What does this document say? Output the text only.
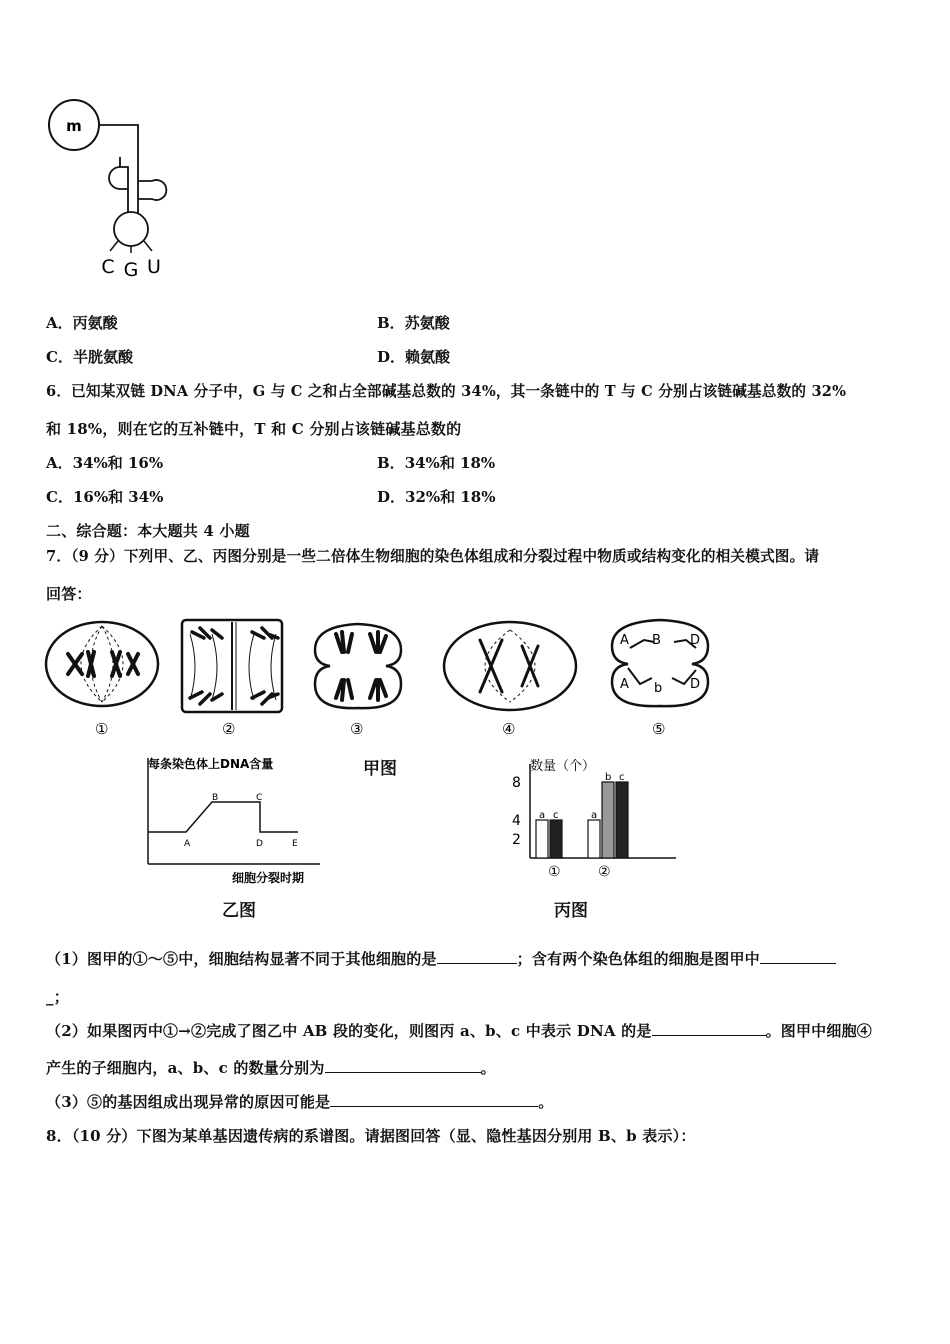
m
C G U
A．丙氨酸	B．苏氨酸
C．半胱氨酸	D．赖氨酸
6．已知某双链 DNA 分子中，G 与 C 之和占全部碱基总数的 34%，其一条链中的 T 与 C 分别占该链碱基总数的 32%
和 18%，则在它的互补链中，T 和 C 分别占该链碱基总数的
A．34%和 16%	B．34%和 18%
C．16%和 34%	D．32%和 18%
二、综合题：本大题共 4 小题
7．（9 分）下列甲、乙、丙图分别是一些二倍体生物细胞的染色体组成和分裂过程中物质或结构变化的相关模式图。请
回答：
①	②	③	④
A B D
A b D
⑤
甲图
每条染色体上DNA含量
A
B	C
D	E
细胞分裂时期
乙图
数量（个）
2
4
8
a c	a
b c
①	②
丙图
（1）图甲的①～⑤中，细胞结构显著不同于其他细胞的是	；含有两个染色体组的细胞是图甲中
_；
（2）如果图丙中①→②完成了图乙中 AB 段的变化，则图丙 a、b、c 中表示 DNA 的是	。图甲中细胞④
产生的子细胞内，a、b、c 的数量分别为	。
（3）⑤的基因组成出现异常的原因可能是	。
8．（10 分）下图为某单基因遗传病的系谱图。请据图回答（显、隐性基因分别用 B、b 表示）：
